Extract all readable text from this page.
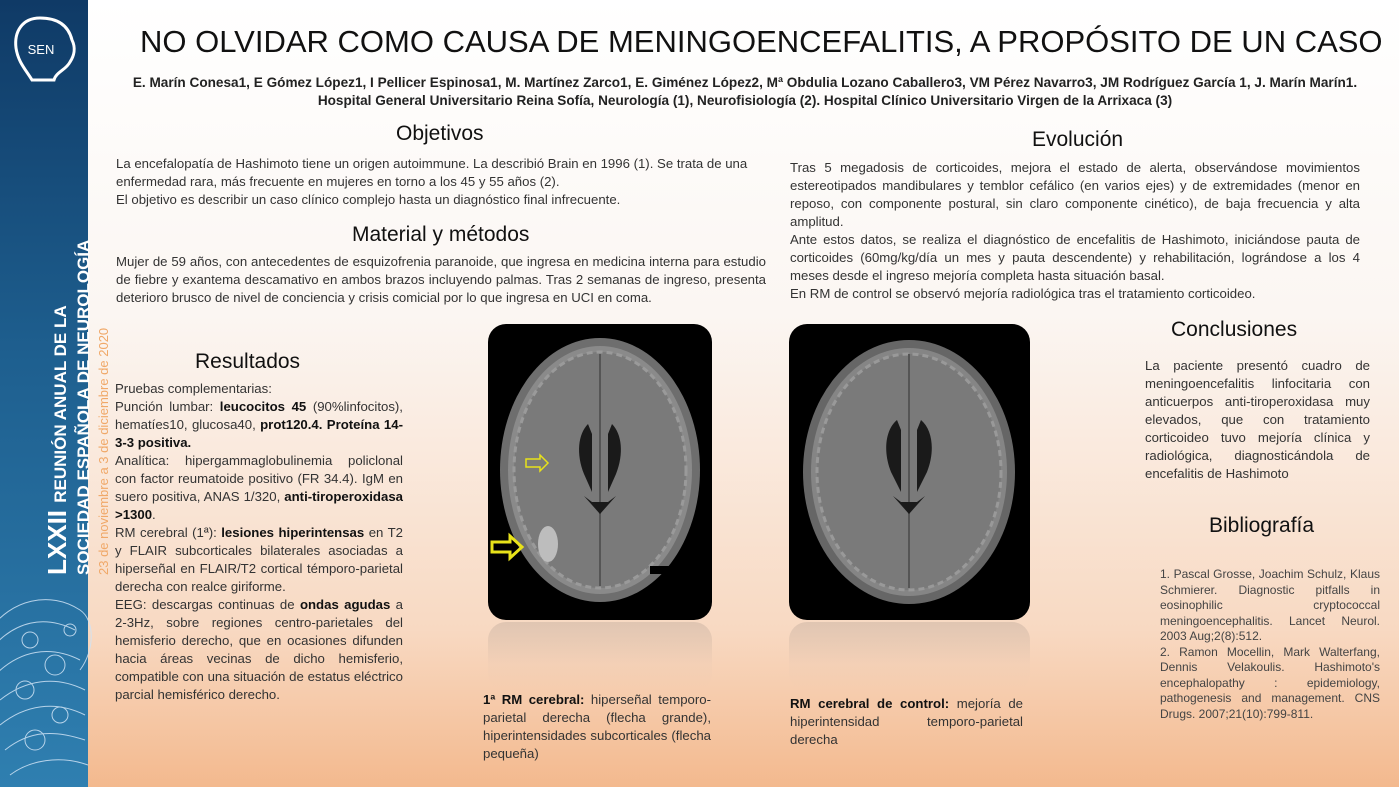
SEN
LXXII REUNIÓN ANUAL DE LA SOCIEDAD ESPAÑOLA DE NEUROLOGÍA 23 de noviembre a 3 de diciembre de 2020
NO OLVIDAR COMO CAUSA DE MENINGOENCEFALITIS, A PROPÓSITO DE UN CASO
E. Marín Conesa1, E Gómez López1, I Pellicer Espinosa1, M. Martínez Zarco1, E. Giménez López2, Mª Obdulia Lozano Caballero3, VM Pérez Navarro3, JM Rodríguez García 1, J. Marín Marín1.
Hospital General Universitario Reina Sofía, Neurología (1), Neurofisiología (2). Hospital Clínico Universitario Virgen de la Arrixaca (3)
Objetivos

La encefalopatía de Hashimoto tiene un origen autoimmune. La describió Brain en 1996 (1). Se trata de una enfermedad rara, más frecuente en mujeres en torno a los 45 y 55 años (2).
El objetivo es describir un caso clínico complejo hasta un diagnóstico final infrecuente.

Material y métodos

Mujer de 59 años, con antecedentes de esquizofrenia paranoide, que ingresa en medicina interna para estudio de fiebre y exantema descamativo en ambos brazos incluyendo palmas. Tras 2 semanas de ingreso, presenta deterioro brusco de nivel de conciencia y crisis comicial por lo que ingresa en UCI en coma.

Resultados
Pruebas complementarias:
Punción lumbar: leucocitos 45 (90%linfocitos), hematíes10, glucosa40, prot120.4. Proteína 14-3-3 positiva.
Analítica: hipergammaglobulinemia policlonal con factor reumatoide positivo (FR 34.4). IgM en suero positiva, ANAS 1/320, anti-tiroperoxidasa >1300.
RM cerebral (1ª): lesiones hiperintensas en T2 y FLAIR subcorticales bilaterales asociadas a hiperseñal en FLAIR/T2 cortical témporo-parietal derecha con realce giriforme.
EEG: descargas continuas de ondas agudas a 2-3Hz, sobre regiones centro-parietales del hemisferio derecho, que en ocasiones difunden hacia áreas vecinas de dicho hemisferio, compatible con una situación de estatus eléctrico parcial hemisférico derecho.	1ª RM cerebral: hiperseñal temporo-parietal derecha (flecha grande), hiperintensidades subcorticales (flecha pequeña)
RM cerebral de control: mejoría de hiperintensidad temporo-parietal derecha
Evolución
Tras 5 megadosis de corticoides, mejora el estado de alerta, observándose movimientos estereotipados mandibulares y temblor cefálico (en varios ejes) y de extremidades (menor en reposo, con componente postural, sin claro componente cinético), de baja frecuencia y alta amplitud.
Ante estos datos, se realiza el diagnóstico de encefalitis de Hashimoto, iniciándose pauta de corticoides (60mg/kg/día un mes y pauta descendente) y rehabilitación, lográndose a los 4 meses desde el ingreso mejoría completa hasta situación basal.
En RM de control se observó mejoría radiológica tras el tratamiento corticoideo.
Conclusiones

La paciente presentó cuadro de meningoencefalitis linfocitaria con anticuerpos anti-tiroperoxidasa muy elevados, que con tratamiento corticoideo tuvo mejoría clínica y radiológica, diagnosticándola de encefalitis de Hashimoto

Bibliografía
1. Pascal Grosse, Joachim Schulz, Klaus Schmierer. Diagnostic pitfalls in eosinophilic cryptococcal meningoencephalitis. Lancet Neurol. 2003 Aug;2(8):512.
2. Ramon Mocellin, Mark Walterfang, Dennis Velakoulis. Hashimoto's encephalopathy : epidemiology, pathogenesis and management. CNS Drugs. 2007;21(10):799-811.
